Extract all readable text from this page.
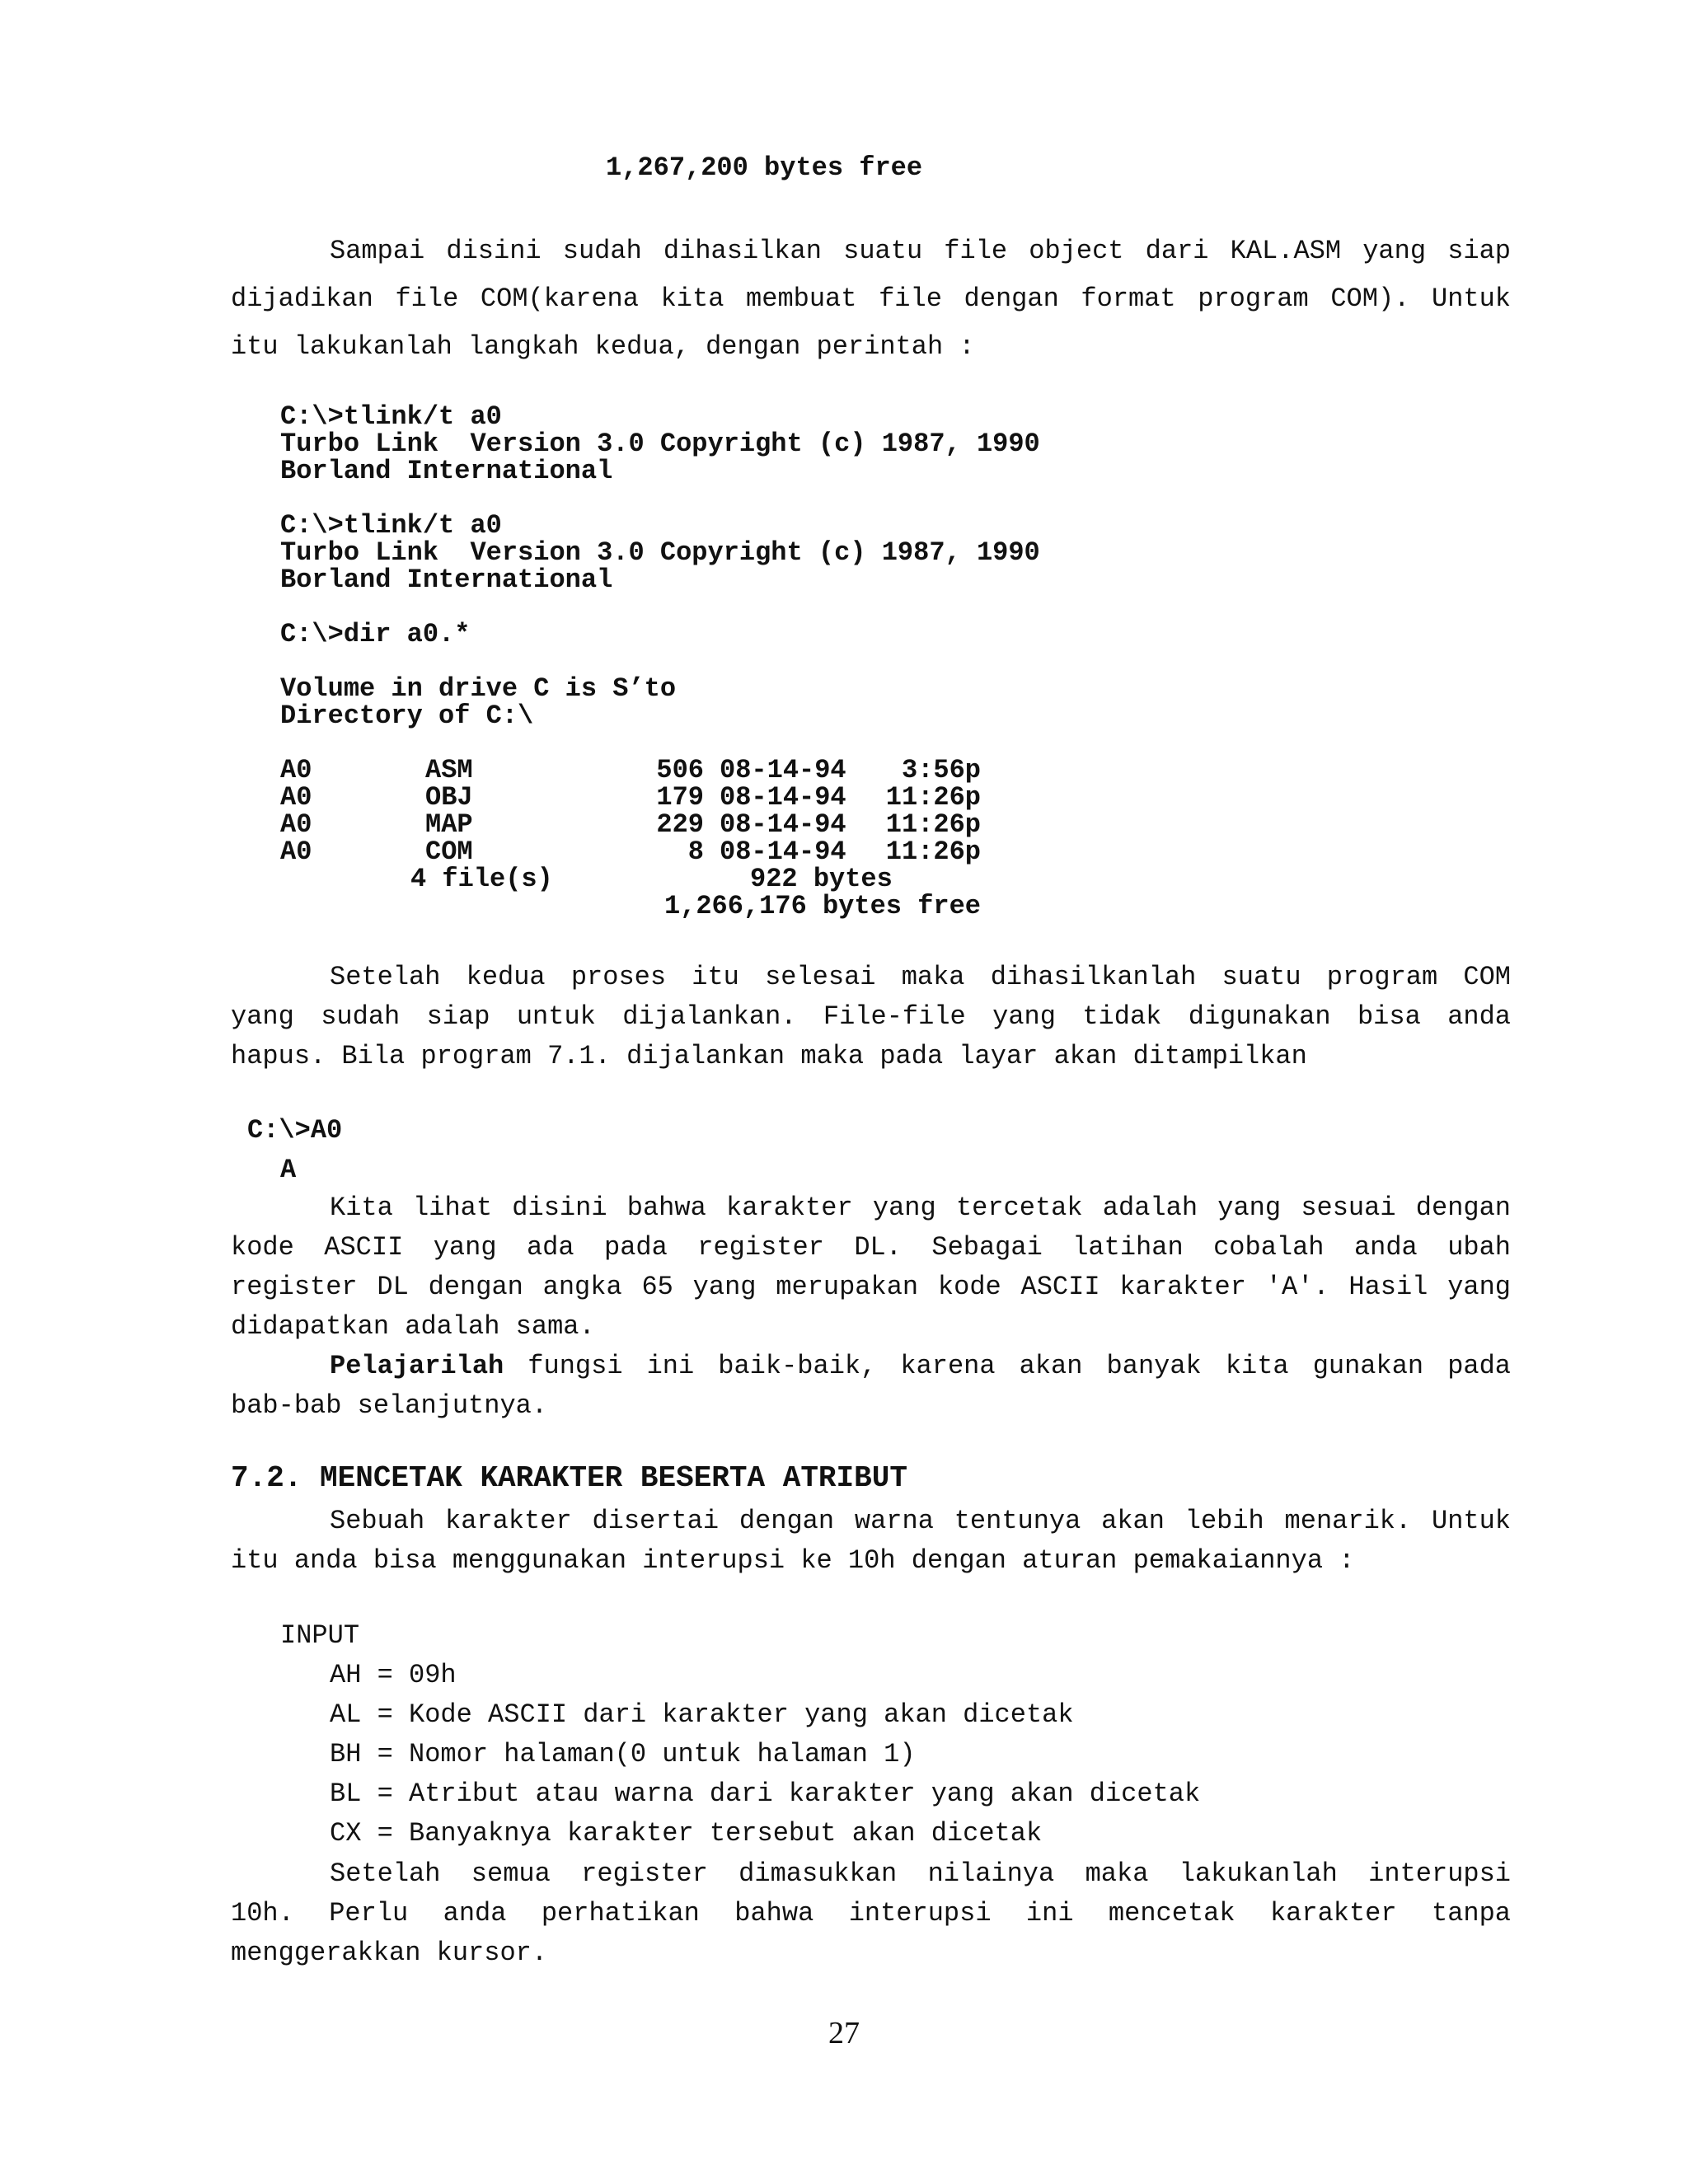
1,267,200 bytes free
Sampai disini sudah dihasilkan suatu file object dari KAL.ASM yang siap
dijadikan file COM(karena kita membuat file dengan format program COM). Untuk
itu lakukanlah langkah kedua, dengan perintah :
C:\>tlink/t a0
Turbo Link  Version 3.0 Copyright (c) 1987, 1990
Borland International
C:\>tlink/t a0
Turbo Link  Version 3.0 Copyright (c) 1987, 1990
Borland International
C:\>dir a0.*
Volume in drive C is S’to
Directory of C:\
A0	ASM	506 08-14-94	3:56p
A0	OBJ	179 08-14-94	11:26p
A0	MAP	229 08-14-94	11:26p
A0	COM	8 08-14-94	11:26p
4 file(s)	922 bytes
1,266,176 bytes free
Setelah kedua proses itu selesai maka dihasilkanlah suatu program COM
yang sudah siap untuk dijalankan. File-file yang tidak digunakan bisa anda
hapus. Bila program 7.1. dijalankan maka pada layar akan ditampilkan
C:\>A0
A
Kita lihat disini bahwa karakter yang tercetak adalah yang sesuai dengan
kode ASCII yang ada pada register DL. Sebagai latihan cobalah anda ubah
register DL dengan angka 65 yang merupakan kode ASCII karakter 'A'. Hasil yang
didapatkan adalah sama.
Pelajarilah fungsi ini baik-baik, karena akan banyak kita gunakan pada
bab-bab selanjutnya.
7.2. MENCETAK KARAKTER BESERTA ATRIBUT
Sebuah karakter disertai dengan warna tentunya akan lebih menarik. Untuk
itu anda bisa menggunakan interupsi ke 10h dengan aturan pemakaiannya :
INPUT
AH = 09h
AL = Kode ASCII dari karakter yang akan dicetak
BH = Nomor halaman(0 untuk halaman 1)
BL = Atribut atau warna dari karakter yang akan dicetak
CX = Banyaknya karakter tersebut akan dicetak
Setelah semua register dimasukkan nilainya maka lakukanlah interupsi
10h. Perlu anda perhatikan bahwa interupsi ini mencetak karakter tanpa
menggerakkan kursor.
27
